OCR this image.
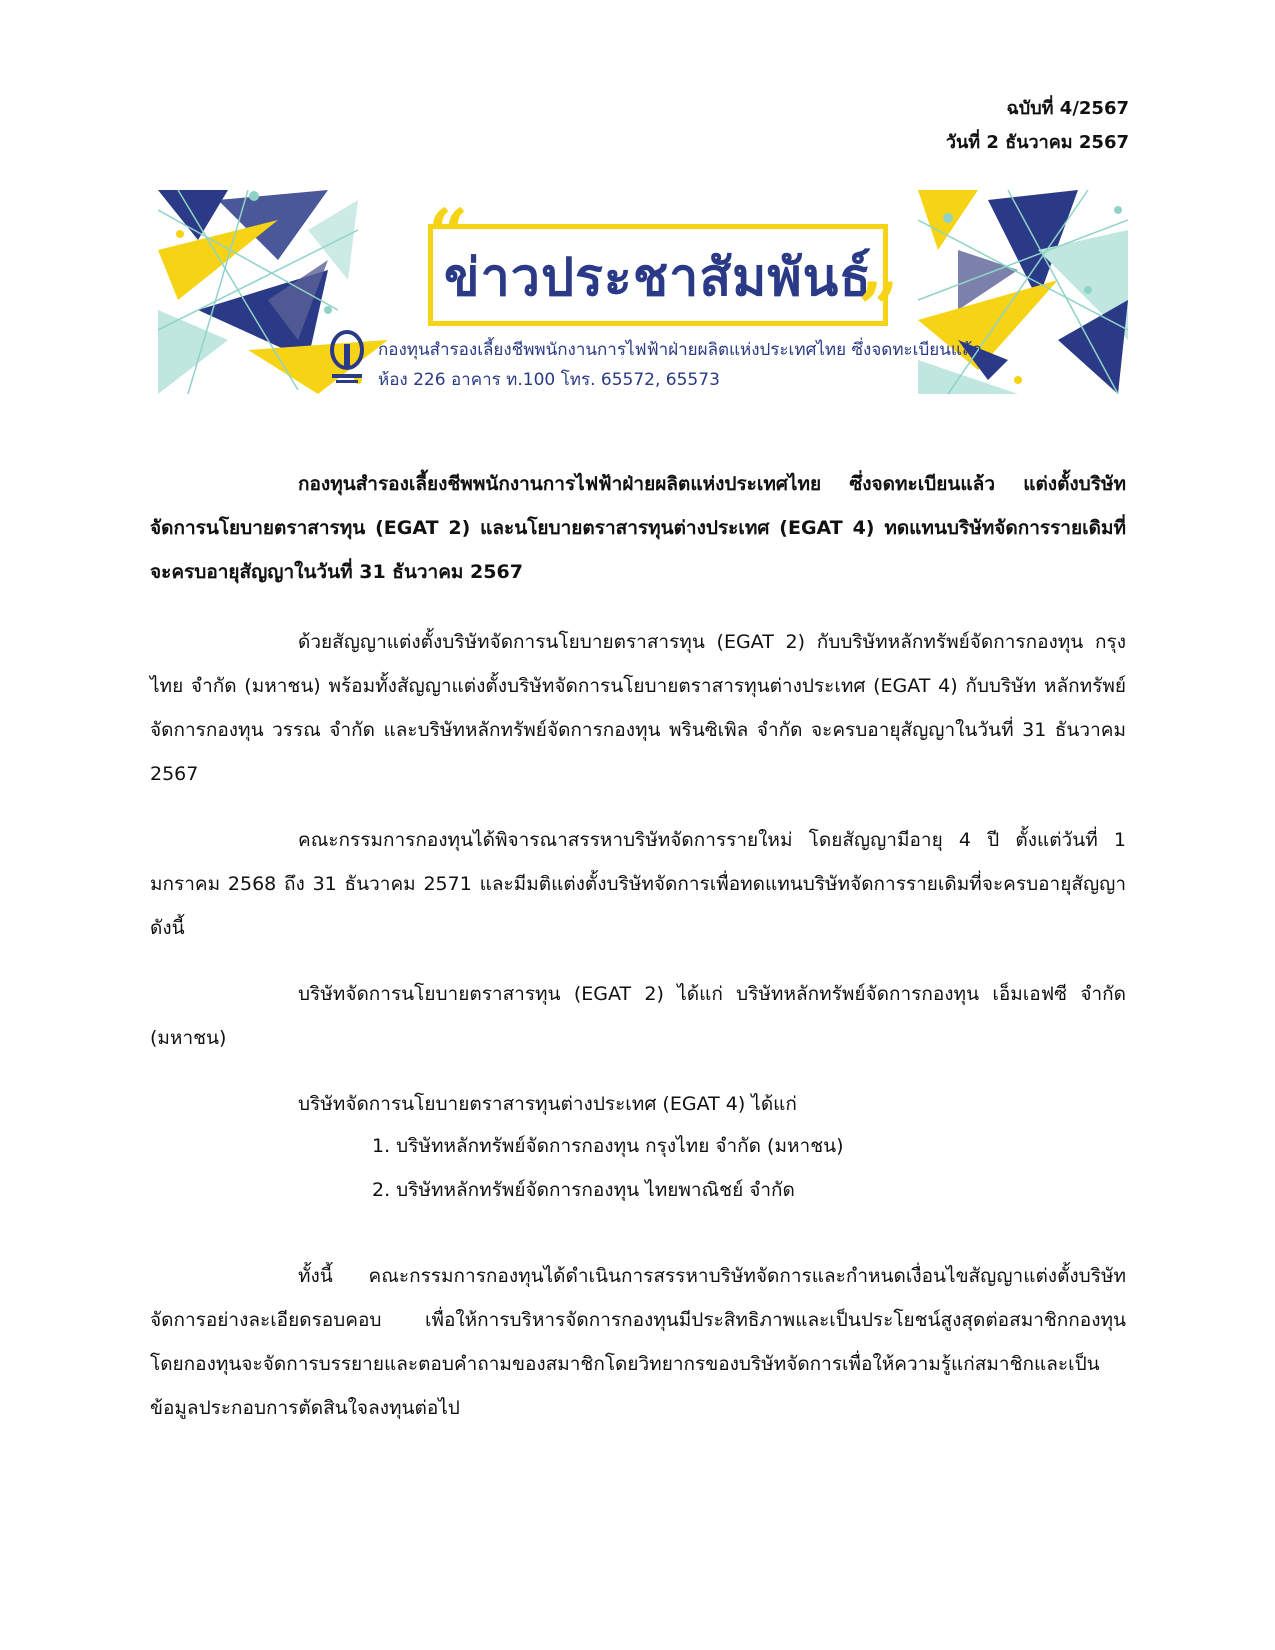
ฉบับที่ 4/2567
วันที่ 2 ธันวาคม 2567
ข่าวประชาสัมพันธ์
“
”
กองทุนสำรองเลี้ยงชีพพนักงานการไฟฟ้าฝ่ายผลิตแห่งประเทศไทย ซึ่งจดทะเบียนแล้ว
ห้อง 226 อาคาร ท.100 โทร. 65572, 65573
กองทุนสำรองเลี้ยงชีพพนักงานการไฟฟ้าฝ่ายผลิตแห่งประเทศไทย ซึ่งจดทะเบียนแล้ว แต่งตั้งบริษัทจัดการนโยบายตราสารทุน (EGAT 2) และนโยบายตราสารทุนต่างประเทศ (EGAT 4) ทดแทนบริษัทจัดการรายเดิมที่จะครบอายุสัญญาในวันที่ 31 ธันวาคม 2567
ด้วยสัญญาแต่งตั้งบริษัทจัดการนโยบายตราสารทุน (EGAT 2) กับบริษัทหลักทรัพย์จัดการกองทุน กรุงไทย จำกัด (มหาชน) พร้อมทั้งสัญญาแต่งตั้งบริษัทจัดการนโยบายตราสารทุนต่างประเทศ (EGAT 4) กับบริษัท หลักทรัพย์จัดการกองทุน วรรณ จำกัด และบริษัทหลักทรัพย์จัดการกองทุน พรินซิเพิล จำกัด จะครบอายุสัญญาในวันที่ 31 ธันวาคม 2567
คณะกรรมการกองทุนได้พิจารณาสรรหาบริษัทจัดการรายใหม่ โดยสัญญามีอายุ 4 ปี ตั้งแต่วันที่ 1 มกราคม 2568 ถึง 31 ธันวาคม 2571 และมีมติแต่งตั้งบริษัทจัดการเพื่อทดแทนบริษัทจัดการรายเดิมที่จะครบอายุสัญญา ดังนี้
บริษัทจัดการนโยบายตราสารทุน (EGAT 2) ได้แก่ บริษัทหลักทรัพย์จัดการกองทุน เอ็มเอฟซี จำกัด (มหาชน)
บริษัทจัดการนโยบายตราสารทุนต่างประเทศ (EGAT 4) ได้แก่
1. บริษัทหลักทรัพย์จัดการกองทุน กรุงไทย จำกัด (มหาชน)
2. บริษัทหลักทรัพย์จัดการกองทุน ไทยพาณิชย์ จำกัด
ทั้งนี้ คณะกรรมการกองทุนได้ดำเนินการสรรหาบริษัทจัดการและกำหนดเงื่อนไขสัญญาแต่งตั้งบริษัทจัดการอย่างละเอียดรอบคอบ เพื่อให้การบริหารจัดการกองทุนมีประสิทธิภาพและเป็นประโยชน์สูงสุดต่อสมาชิกกองทุน โดยกองทุนจะจัดการบรรยายและตอบคำถามของสมาชิกโดยวิทยากรของบริษัทจัดการเพื่อให้ความรู้แก่สมาชิกและเป็นข้อมูลประกอบการตัดสินใจลงทุนต่อไป
